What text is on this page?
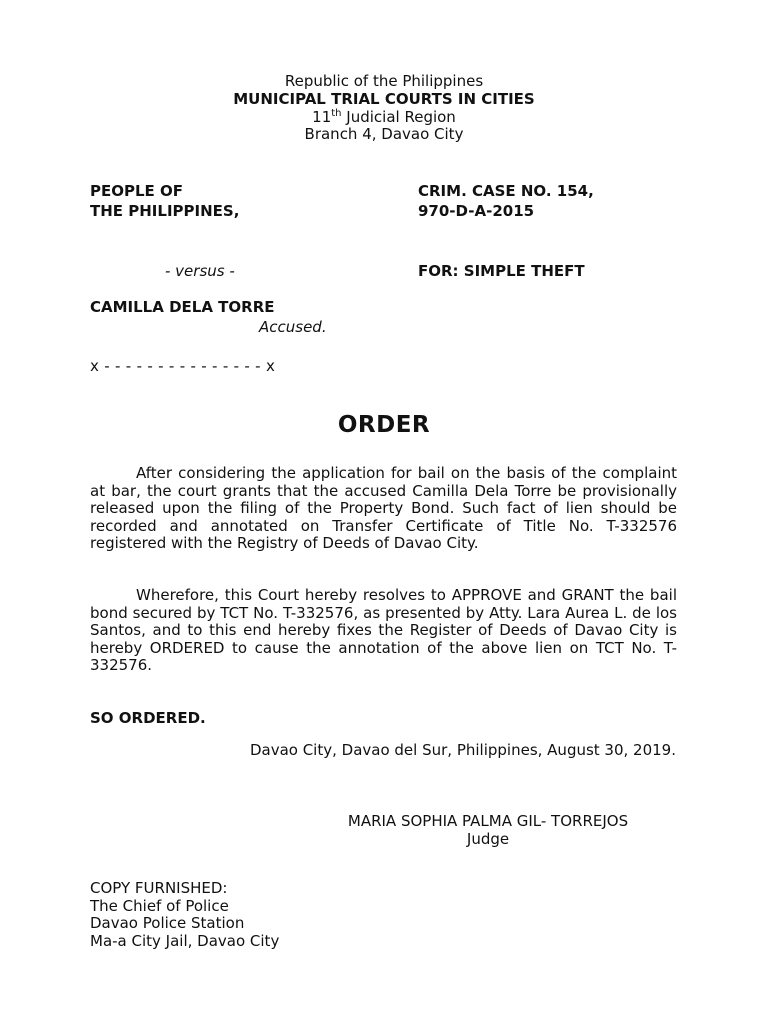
Republic of the Philippines
MUNICIPAL TRIAL COURTS IN CITIES
11th Judicial Region
Branch 4, Davao City
PEOPLE OF
THE PHILIPPINES,
CRIM. CASE NO. 154,
970-D-A-2015
- versus -	FOR: SIMPLE THEFT
CAMILLA DELA TORRE
Accused.
x - - - - - - - - - - - - - - - x
ORDER

After considering the application for bail on the basis of the complaint at bar, the court grants that the accused Camilla Dela Torre be provisionally released upon the filing of the Property Bond. Such fact of lien should be recorded and annotated on Transfer Certificate of Title No. T-332576 registered with the Registry of Deeds of Davao City.

Wherefore, this Court hereby resolves to APPROVE and GRANT the bail bond secured by TCT No. T-332576, as presented by Atty. Lara Aurea L. de los Santos, and to this end hereby fixes the Register of Deeds of Davao City is hereby ORDERED to cause the annotation of the above lien on TCT No. T-332576.

SO ORDERED.
Davao City, Davao del Sur, Philippines, August 30, 2019.
MARIA SOPHIA PALMA GIL- TORREJOS
Judge
COPY FURNISHED:
The Chief of Police
Davao Police Station
Ma-a City Jail, Davao City
